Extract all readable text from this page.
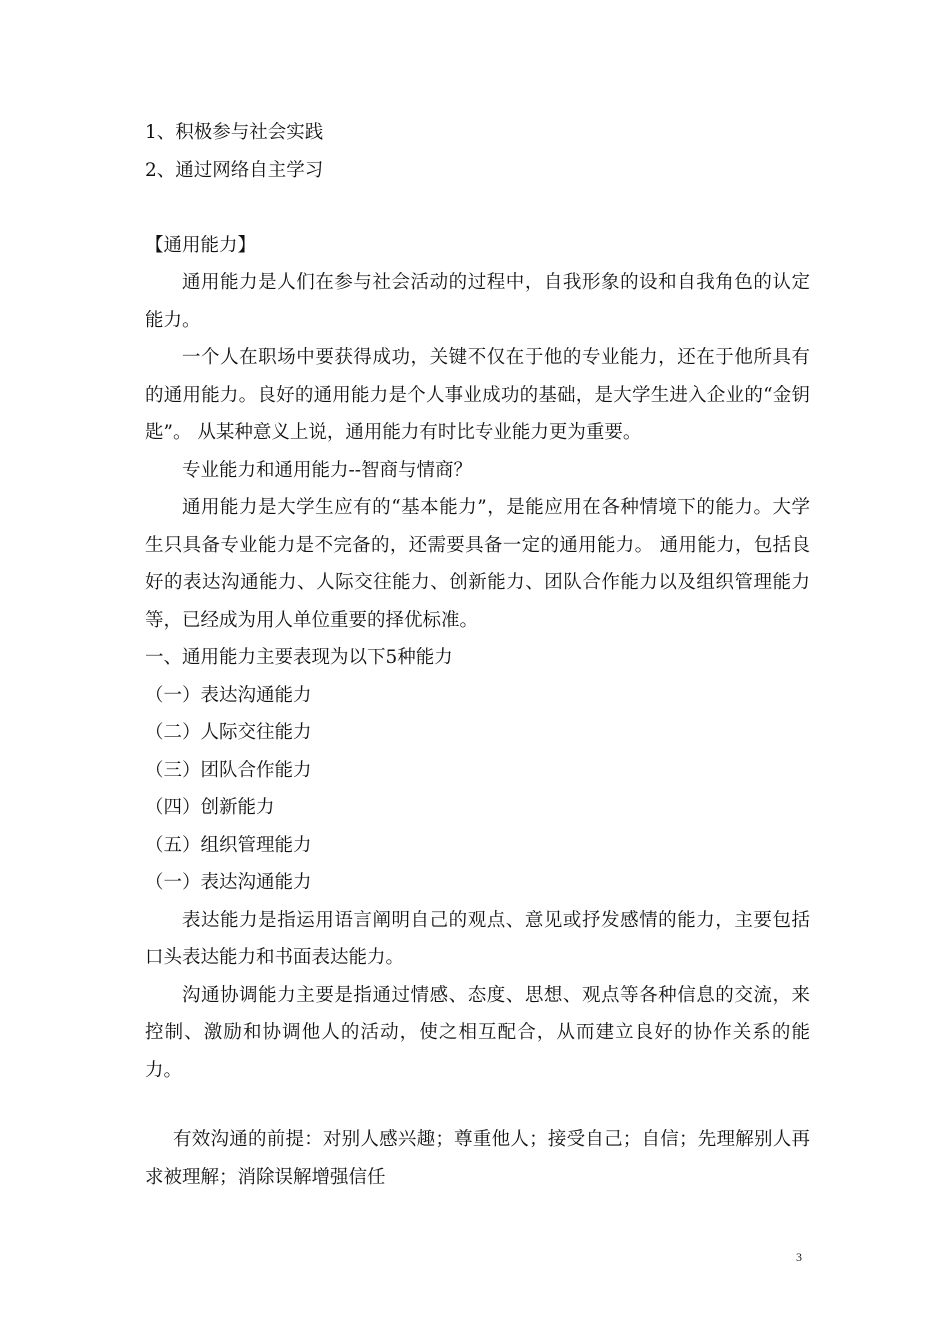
1、积极参与社会实践

2、通过网络自主学习

【通用能力】

通用能力是人们在参与社会活动的过程中，自我形象的设和自我角色的认定能力。

一个人在职场中要获得成功，关键不仅在于他的专业能力，还在于他所具有的通用能力。良好的通用能力是个人事业成功的基础，是大学生进入企业的“金钥匙”。 从某种意义上说，通用能力有时比专业能力更为重要。

专业能力和通用能力--智商与情商？

通用能力是大学生应有的“基本能力”，是能应用在各种情境下的能力。大学生只具备专业能力是不完备的，还需要具备一定的通用能力。 通用能力，包括良好的表达沟通能力、人际交往能力、创新能力、团队合作能力以及组织管理能力等，已经成为用人单位重要的择优标准。

一、通用能力主要表现为以下5种能力

（一）表达沟通能力

（二）人际交往能力

（三）团队合作能力

（四）创新能力

（五）组织管理能力

（一）表达沟通能力

表达能力是指运用语言阐明自己的观点、意见或抒发感情的能力，主要包括口头表达能力和书面表达能力。

沟通协调能力主要是指通过情感、态度、思想、观点等各种信息的交流，来控制、激励和协调他人的活动，使之相互配合，从而建立良好的协作关系的能力。

有效沟通的前提：对别人感兴趣；尊重他人；接受自己；自信；先理解别人再求被理解；消除误解增强信任

3
